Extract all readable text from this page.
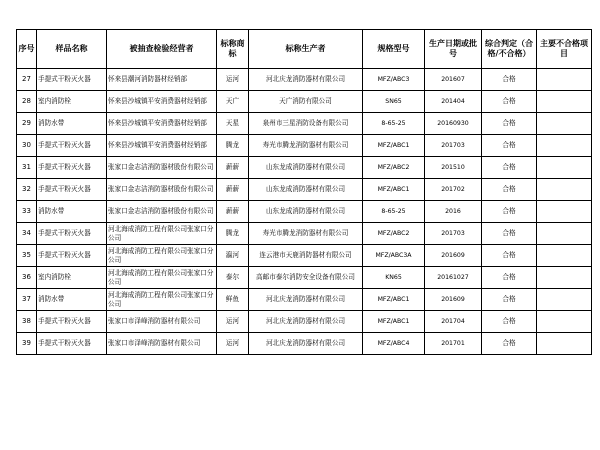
序号	样品名称	被抽查检验经营者	标称商标	标称生产者	规格型号	生产日期或批号	综合判定（合格/不合格）	主要不合格项目
27	手提式干粉灭火器	怀来县潮河消防器材经销部	运河	河北庆龙消防器材有限公司	MFZ/ABC3	201607	合格	
28	室内消防栓	怀来县沙城镇平安消费器材经销部	天广	天广消防有限公司	SN65	201404	合格	
29	消防水带	怀来县沙城镇平安消费器材经销部	天星	泉州市三星消防设备有限公司	8-65-25	20160930	合格	
30	手提式干粉灭火器	怀来县沙城镇平安消费器材经销部	腾龙	寿光市腾龙消防器材有限公司	MFZ/ABC1	201703	合格	
31	手提式干粉灭火器	张家口金志洁消防器材股份有限公司	薪薪	山东龙成消防器材有限公司	MFZ/ABC2	201510	合格	
32	手提式干粉灭火器	张家口金志洁消防器材股份有限公司	薪薪	山东龙成消防器材有限公司	MFZ/ABC1	201702	合格	
33	消防水带	张家口金志洁消防器材股份有限公司	薪薪	山东龙成消防器材有限公司	8-65-25	2016	合格	
34	手提式干粉灭火器	河北海成消防工程有限公司张家口分公司	腾龙	寿光市腾龙消防器材有限公司	MFZ/ABC2	201703	合格	
35	手提式干粉灭火器	河北海成消防工程有限公司张家口分公司	瀛河	连云港市天鹿消防器材有限公司	MFZ/ABC3A	201609	合格	
36	室内消防栓	河北海成消防工程有限公司张家口分公司	泰尔	高邮市泰尔消防安全设备有限公司	KN65	20161027	合格	
37	消防水带	河北海成消防工程有限公司张家口分公司	鲜鱼	河北庆龙消防器材有限公司	MFZ/ABC1	201609	合格	
38	手提式干粉灭火器	张家口市泽峰消防器材有限公司	运河	河北庆龙消防器材有限公司	MFZ/ABC1	201704	合格	
39	手提式干粉灭火器	张家口市泽峰消防器材有限公司	运河	河北庆龙消防器材有限公司	MFZ/ABC4	201701	合格	
